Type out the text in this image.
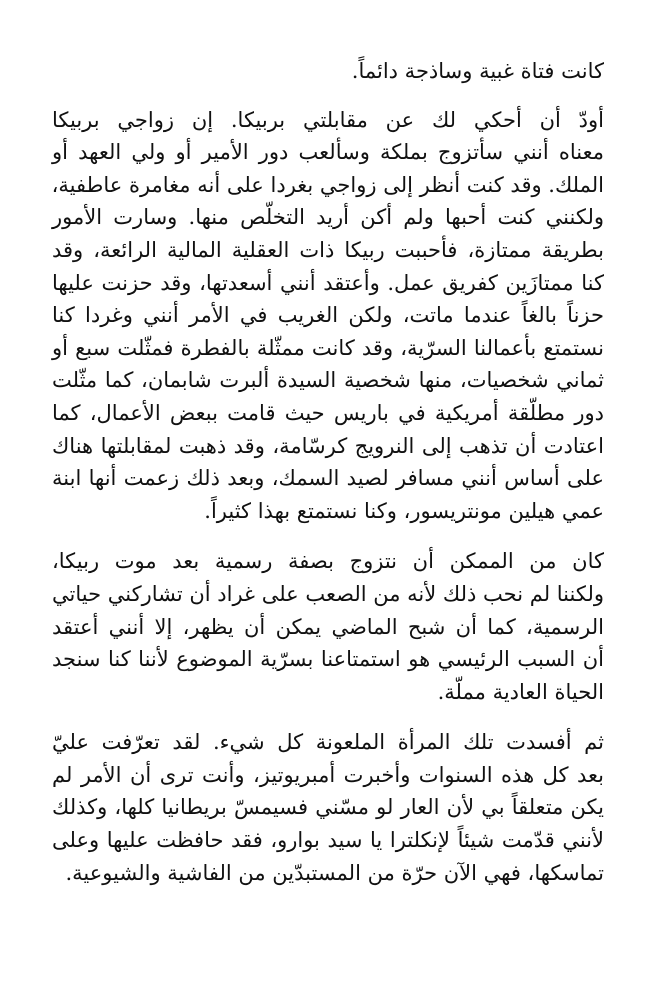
كانت فتاة غبية وساذجة دائماً.

أودّ أن أحكي لك عن مقابلتي بربيكا. إن زواجي بربيكا
معناه أنني سأتزوج بملكة وسألعب دور الأمير أو ولي العهد أو
الملك. وقد كنت أنظر إلى زواجي بغردا على أنه مغامرة عاطفية،
ولكنني كنت أحبها ولم أكن أريد التخلّص منها. وسارت الأمور
بطريقة ممتازة، فأحببت ربيكا ذات العقلية المالية الرائعة، وقد
كنا ممتازَين كفريق عمل. وأعتقد أنني أسعدتها، وقد حزنت عليها
حزناً بالغاً عندما ماتت، ولكن الغريب في الأمر أنني وغردا كنا
نستمتع بأعمالنا السرّية، وقد كانت ممثّلة بالفطرة فمثّلت سبع أو
ثماني شخصيات، منها شخصية السيدة ألبرت شابمان، كما مثّلت
دور مطلّقة أمريكية في باريس حيث قامت ببعض الأعمال، كما
اعتادت أن تذهب إلى النرويج كرسّامة، وقد ذهبت لمقابلتها هناك
على أساس أنني مسافر لصيد السمك، وبعد ذلك زعمت أنها ابنة
عمي هيلين مونتريسور، وكنا نستمتع بهذا كثيراً.

كان من الممكن أن نتزوج بصفة رسمية بعد موت ربيكا،
ولكننا لم نحب ذلك لأنه من الصعب على غراد أن تشاركني حياتي
الرسمية، كما أن شبح الماضي يمكن أن يظهر، إلا أنني أعتقد
أن السبب الرئيسي هو استمتاعنا بسرّية الموضوع لأننا كنا سنجد
الحياة العادية مملّة.

ثم أفسدت تلك المرأة الملعونة كل شيء. لقد تعرّفت عليّ
بعد كل هذه السنوات وأخبرت أمبريوتيز، وأنت ترى أن الأمر لم
يكن متعلقاً بي لأن العار لو مسّني فسيمسّ بريطانيا كلها، وكذلك
لأنني قدّمت شيئاً لإنكلترا يا سيد بوارو، فقد حافظت عليها وعلى
تماسكها، فهي الآن حرّة من المستبدّين من الفاشية والشيوعية.
